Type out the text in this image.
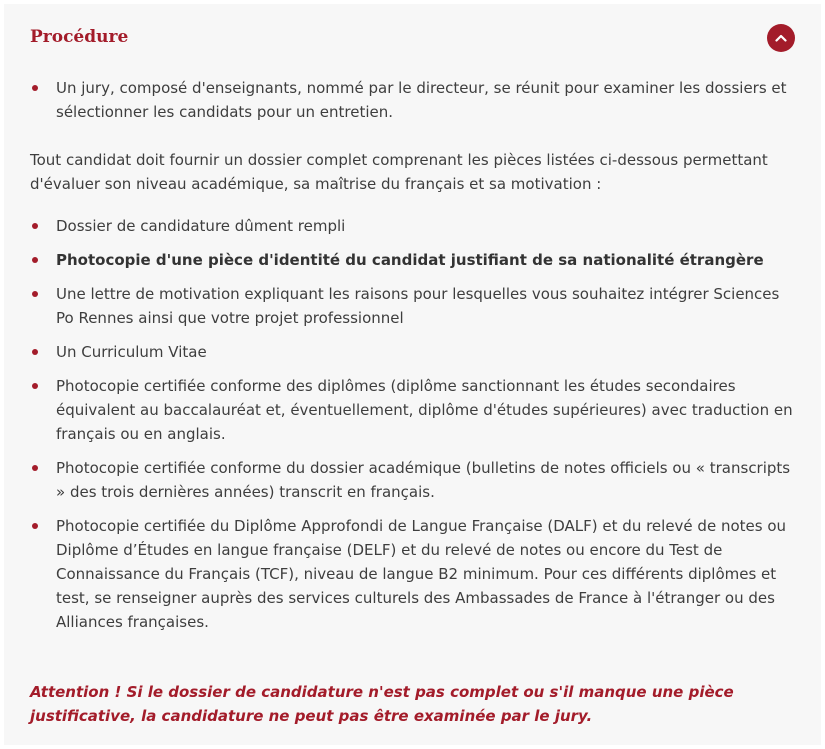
Procédure
Un jury, composé d'enseignants, nommé par le directeur, se réunit pour examiner les dossiers et sélectionner les candidats pour un entretien.

Tout candidat doit fournir un dossier complet comprenant les pièces listées ci-dessous permettant d'évaluer son niveau académique, sa maîtrise du français et sa motivation :

Dossier de candidature dûment rempli
Photocopie d'une pièce d'identité du candidat justifiant de sa nationalité étrangère
Une lettre de motivation expliquant les raisons pour lesquelles vous souhaitez intégrer Sciences Po Rennes ainsi que votre projet professionnel
Un Curriculum Vitae
Photocopie certifiée conforme des diplômes (diplôme sanctionnant les études secondaires équivalent au baccalauréat et, éventuellement, diplôme d'études supérieures) avec traduction en français ou en anglais.
Photocopie certifiée conforme du dossier académique (bulletins de notes officiels ou « transcripts » des trois dernières années) transcrit en français.
Photocopie certifiée du Diplôme Approfondi de Langue Française (DALF) et du relevé de notes ou Diplôme d’Études en langue française (DELF) et du relevé de notes ou encore du Test de Connaissance du Français (TCF), niveau de langue B2 minimum. Pour ces différents diplômes et test, se renseigner auprès des services culturels des Ambassades de France à l'étranger ou des Alliances françaises.

Attention ! Si le dossier de candidature n'est pas complet ou s'il manque une pièce justificative, la candidature ne peut pas être examinée par le jury.
